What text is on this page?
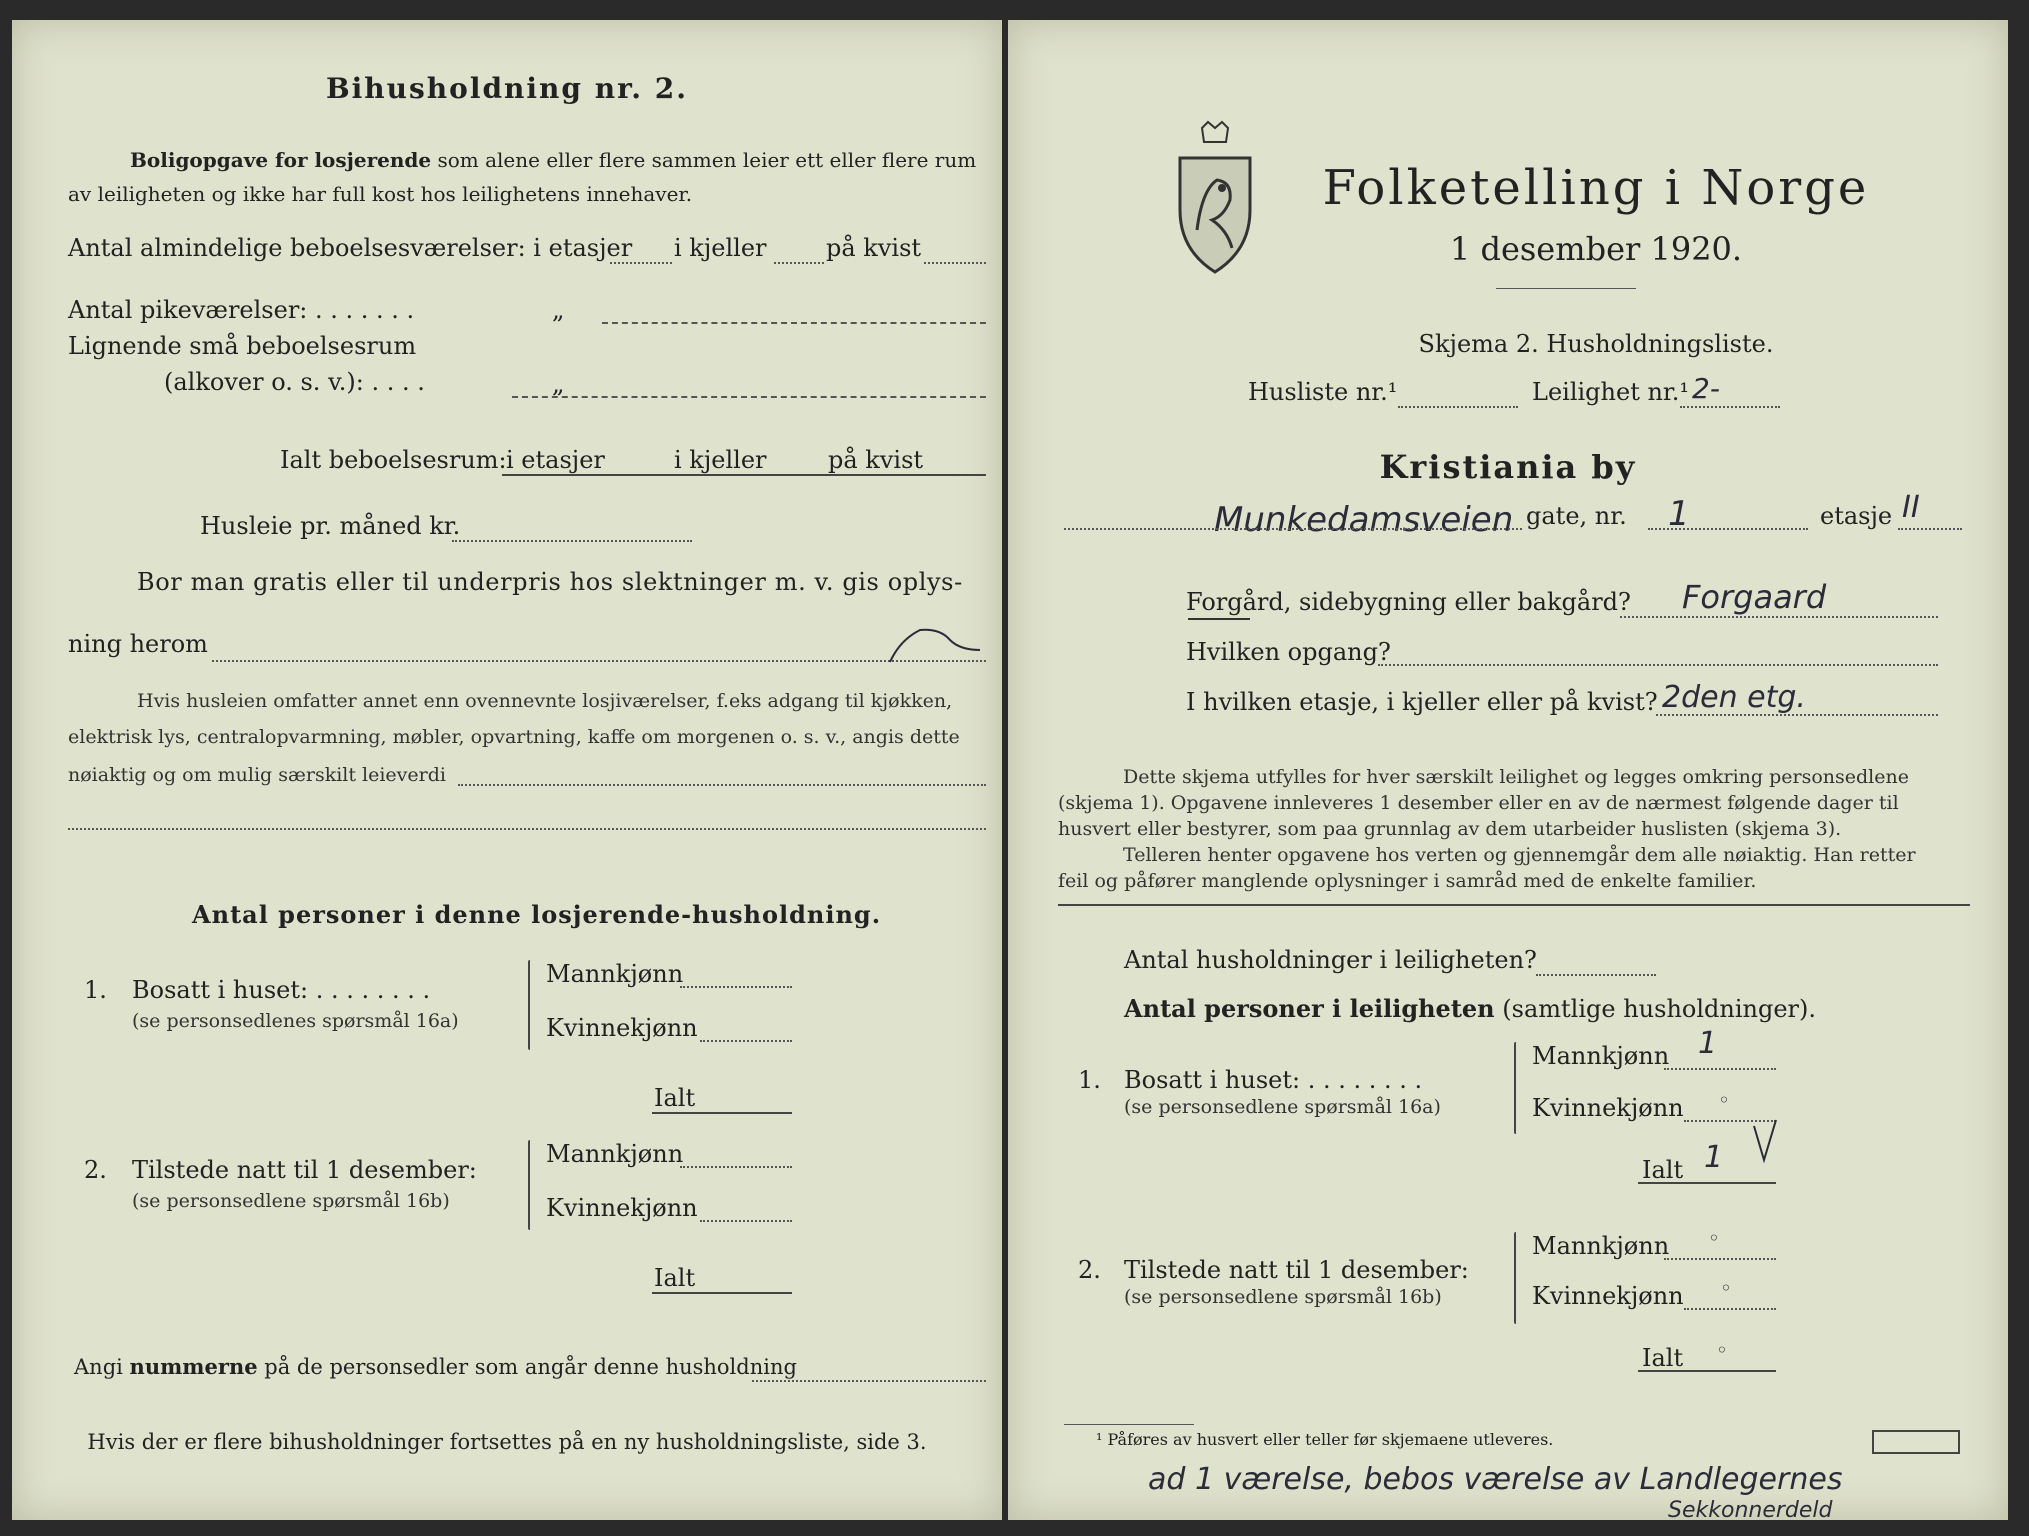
Bihusholdning nr. 2.
Boligopgave for losjerende som alene eller flere sammen leier ett eller flere rum
av leiligheten og ikke har full kost hos leilighetens innehaver.
Antal almindelige beboelsesværelser: i etasjer i kjeller på kvist
Antal pikeværelser: . . . . . . .	„
Lignende små beboelsesrum
(alkover o. s. v.): . . . .	„
Ialt beboelsesrum: i etasjer	i kjeller	på kvist
Husleie pr. måned kr.
Bor man gratis eller til underpris hos slektninger m. v. gis oplys-
ning herom
Hvis husleien omfatter annet enn ovennevnte losjiværelser, f.eks adgang til kjøkken,
elektrisk lys, centralopvarmning, møbler, opvartning, kaffe om morgenen o. s. v., angis dette
nøiaktig og om mulig særskilt leieverdi
Antal personer i denne losjerende-husholdning.
1. Bosatt i huset: . . . . . . . .
(se personsedlenes spørsmål 16a)
Mannkjønn
Kvinnekjønn
Ialt
2. Tilstede natt til 1 desember:
(se personsedlene spørsmål 16b)
Mannkjønn
Kvinnekjønn
Ialt
Angi nummerne på de personsedler som angår denne husholdning
Hvis der er flere bihusholdninger fortsettes på en ny husholdningsliste, side 3.
Folketelling i Norge
1 desember 1920.
Skjema 2. Husholdningsliste.
Husliste nr.¹	Leilighet nr.¹ 2-
Kristiania by
Munkedamsveien gate, nr. 1	etasje II
Forgård, sidebygning eller bakgård? Forgaard
Hvilken opgang?
I hvilken etasje, i kjeller eller på kvist? 2den etg.
Dette skjema utfylles for hver særskilt leilighet og legges omkring personsedlene
(skjema 1). Opgavene innleveres 1 desember eller en av de nærmest følgende dager til
husvert eller bestyrer, som paa grunnlag av dem utarbeider huslisten (skjema 3).
Telleren henter opgavene hos verten og gjennemgår dem alle nøiaktig. Han retter
feil og påfører manglende oplysninger i samråd med de enkelte familier.
Antal husholdninger i leiligheten?
Antal personer i leiligheten (samtlige husholdninger).
1. Bosatt i huset: . . . . . . . .
(se personsedlene spørsmål 16a)
Mannkjønn 1
Kvinnekjønn ◦
Ialt 1
2. Tilstede natt til 1 desember:
(se personsedlene spørsmål 16b)
Mannkjønn ◦
Kvinnekjønn ◦
Ialt ◦
¹ Påføres av husvert eller teller før skjemaene utleveres.
ad 1 værelse, bebos værelse av Landlegernes
Sekkonnerdeld
